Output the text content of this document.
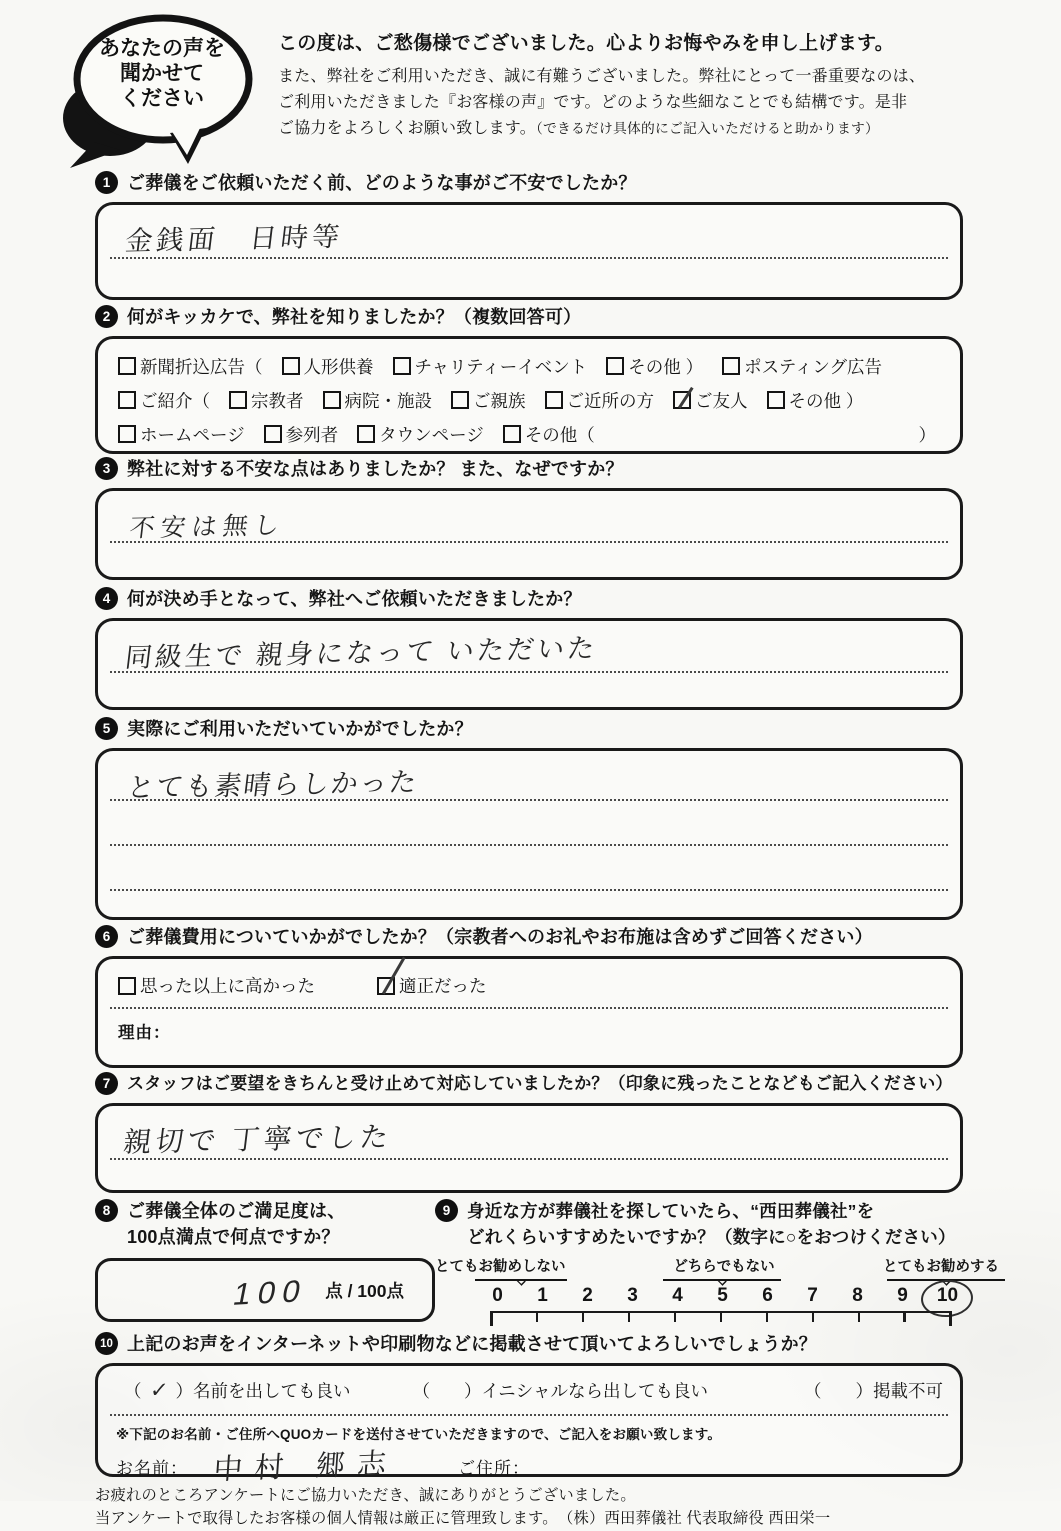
あなたの声を
聞かせて
ください
この度は、ご愁傷様でございました。心よりお悔やみを申し上げます。
また、弊社をご利用いただき、誠に有難うございました。弊社にとって一番重要なのは、
ご利用いただきました『お客様の声』です。どのような些細なことでも結構です。是非
ご協力をよろしくお願い致します。（できるだけ具体的にご記入いただけると助かります）
1 ご葬儀をご依頼いただく前、どのような事がご不安でしたか？
金銭面　日時等
2 何がキッカケで、弊社を知りましたか？（複数回答可）
新聞折込広告（ 人形供養 チャリティーイベント その他 ） ポスティング広告
ご紹介（ 宗教者 病院・施設 ご親族 ご近所の方 ご友人 その他 ）
ホームページ 参列者 タウンページ その他（	）
3 弊社に対する不安な点はありましたか？ また、なぜですか？
不安は無し
4 何が決め手となって、弊社へご依頼いただきましたか？
同級生で 親身になって いただいた
5 実際にご利用いただいていかがでしたか？
とても素晴らしかった
6 ご葬儀費用についていかがでしたか？（宗教者へのお礼やお布施は含めずご回答ください）
思った以上に高かった	適正だった
理由：
7 スタッフはご要望をきちんと受け止めて対応していましたか？（印象に残ったことなどもご記入ください）
親切で 丁寧でした
8 ご葬儀全体のご満足度は、
100点満点で何点ですか？
100 点 / 100点
9 身近な方が葬儀社を探していたら、“西田葬儀社”を
どれくらいすすめたいですか？（数字に○をおつけください）
とてもお勧めしない	どちらでもない	とてもお勧めする
0	1	2	3	4	5	6	7	8	9	10
10 上記のお声をインターネットや印刷物などに掲載させて頂いてよろしいでしょうか？
（ ✓ ） 名前を出しても良い	（ ） イニシャルなら出しても良い	（ ） 掲載不可
※下記のお名前・ご住所へQUOカードを送付させていただきますので、ご記入をお願い致します。
お名前： 中村 郷志	ご住所：
お疲れのところアンケートにご協力いただき、誠にありがとうございました。
当アンケートで取得したお客様の個人情報は厳正に管理致します。　（株）西田葬儀社 代表取締役 西田栄一
